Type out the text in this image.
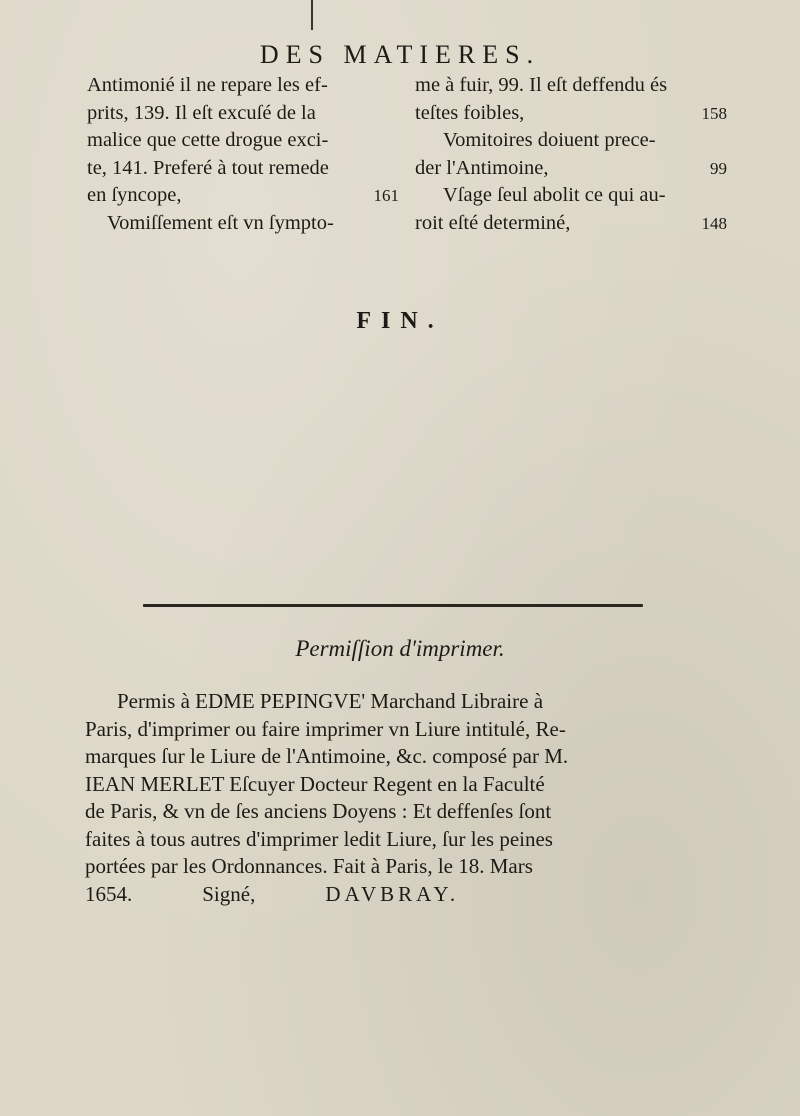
DES MATIERES.
Antimonié il ne repare les ef-
prits, 139. Il eſt excuſé de la
malice que cette drogue exci-
te, 141. Preferé à tout remede
en ſyncope,	161
Vomiſſement eſt vn ſympto-
me à fuir, 99. Il eſt deffendu és
teſtes foibles,	158
Vomitoires doiuent prece-
der l'Antimoine,	99
Vſage ſeul abolit ce qui au-
roit eſté determiné,	148
FIN.
Permiſſion d'imprimer.
Permis à EDME PEPINGVE' Marchand Libraire à
Paris, d'imprimer ou faire imprimer vn Liure intitulé, Re-
marques ſur le Liure de l'Antimoine, &c. composé par M.
IEAN MERLET Eſcuyer Docteur Regent en la Faculté
de Paris, & vn de ſes anciens Doyens : Et deffenſes ſont
faites à tous autres d'imprimer ledit Liure, ſur les peines
portées par les Ordonnances. Fait à Paris, le 18. Mars
1654.	Signé,	DAVBRAY.
